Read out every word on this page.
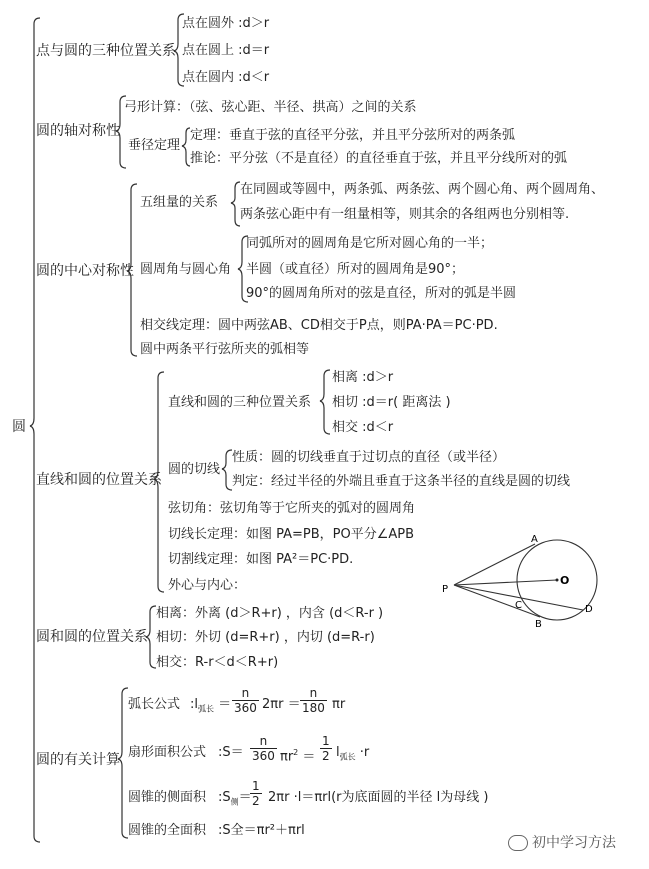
圆
点与圆的三种位置关系
点在圆外 :d＞r
点在圆上 :d＝r
点在圆内 :d＜r
圆的轴对称性
弓形计算：（弦、弦心距、半径、拱高）之间的关系
垂径定理
定理：垂直于弦的直径平分弦，并且平分弦所对的两条弧
推论：平分弦（不是直径）的直径垂直于弦，并且平分线所对的弧
圆的中心对称性
五组量的关系
在同圆或等圆中，两条弧、两条弦、两个圆心角、两个圆周角、
两条弦心距中有一组量相等，则其余的各组两也分别相等.
圆周角与圆心角
同弧所对的圆周角是它所对圆心角的一半；
半圆（或直径）所对的圆周角是90°；
90°的圆周角所对的弦是直径，所对的弧是半圆
相交线定理：圆中两弦AB、CD相交于P点，则PA·PA＝PC·PD.
圆中两条平行弦所夹的弧相等
直线和圆的位置关系
直线和圆的三种位置关系
相离 :d＞r
相切 :d＝r( 距离法 )
相交 :d＜r
圆的切线
性质：圆的切线垂直于过切点的直径（或半径）
判定：经过半径的外端且垂直于这条半径的直线是圆的切线
弦切角：弦切角等于它所夹的弧对的圆周角
切线长定理：如图 PA=PB，PO平分∠APB
切割线定理：如图 PA²＝PC·PD.
外心与内心：
A
B
C	D
P
O
圆和圆的位置关系
相离：外离 (d＞R+r) ，内含 (d＜R-r )
相切：外切 (d=R+r) ，内切 (d=R-r)
相交：R-r＜d＜R+r)
圆的有关计算
弧长公式 $:l_{弧长} = \frac{n}{360} 2\pi r = \frac{n}{180}$ πr
扇形面积公式 :S＝ $\frac{n}{360} \pi r^2 = \frac{1}{2} l_{弧长} \cdot r$
圆锥的侧面积 $:S_侧=$
$\frac{1}{2} 2\pi r \cdot l=\pi rl(r$为底面圆的半径 l为母线 )
圆锥的全面积 :S全＝πr²＋πrl
初中学习方法
